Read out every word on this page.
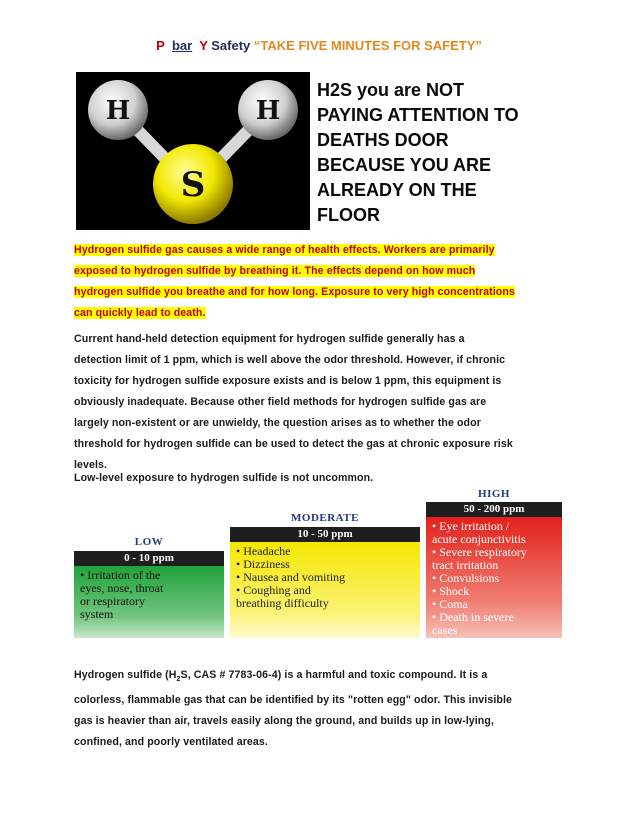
P bar Y Safety “TAKE FIVE MINUTES FOR SAFETY”
H	H
S
H2S you are NOT
PAYING ATTENTION TO
DEATHS DOOR
BECAUSE YOU ARE
ALREADY ON THE
FLOOR
Hydrogen sulfide gas causes a wide range of health effects. Workers are primarily
exposed to hydrogen sulfide by breathing it. The effects depend on how much
hydrogen sulfide you breathe and for how long. Exposure to very high concentrations
can quickly lead to death.
Current hand-held detection equipment for hydrogen sulfide generally has a
detection limit of 1 ppm, which is well above the odor threshold. However, if chronic
toxicity for hydrogen sulfide exposure exists and is below 1 ppm, this equipment is
obviously inadequate. Because other field methods for hydrogen sulfide gas are
largely non-existent or are unwieldy, the question arises as to whether the odor
threshold for hydrogen sulfide can be used to detect the gas at chronic exposure risk
levels.
Low-level exposure to hydrogen sulfide is not uncommon.
HIGH
50 - 200 ppm
• Eye irritation /
acute conjunctivitis
• Severe respiratory
tract irritation
• Convulsions
• Shock
• Coma
• Death in severe
cases
MODERATE
10 - 50 ppm
• Headache
• Dizziness
• Nausea and vomiting
• Coughing and
breathing difficulty
LOW
0 - 10 ppm
• Irritation of the
eyes, nose, throat
or respiratory
system
Hydrogen sulfide ($H_2S$, CAS # 7783-06-4) is a harmful and toxic compound. It is a
colorless, flammable gas that can be identified by its "rotten egg" odor. This invisible
gas is heavier than air, travels easily along the ground, and builds up in low-lying,
confined, and poorly ventilated areas.
